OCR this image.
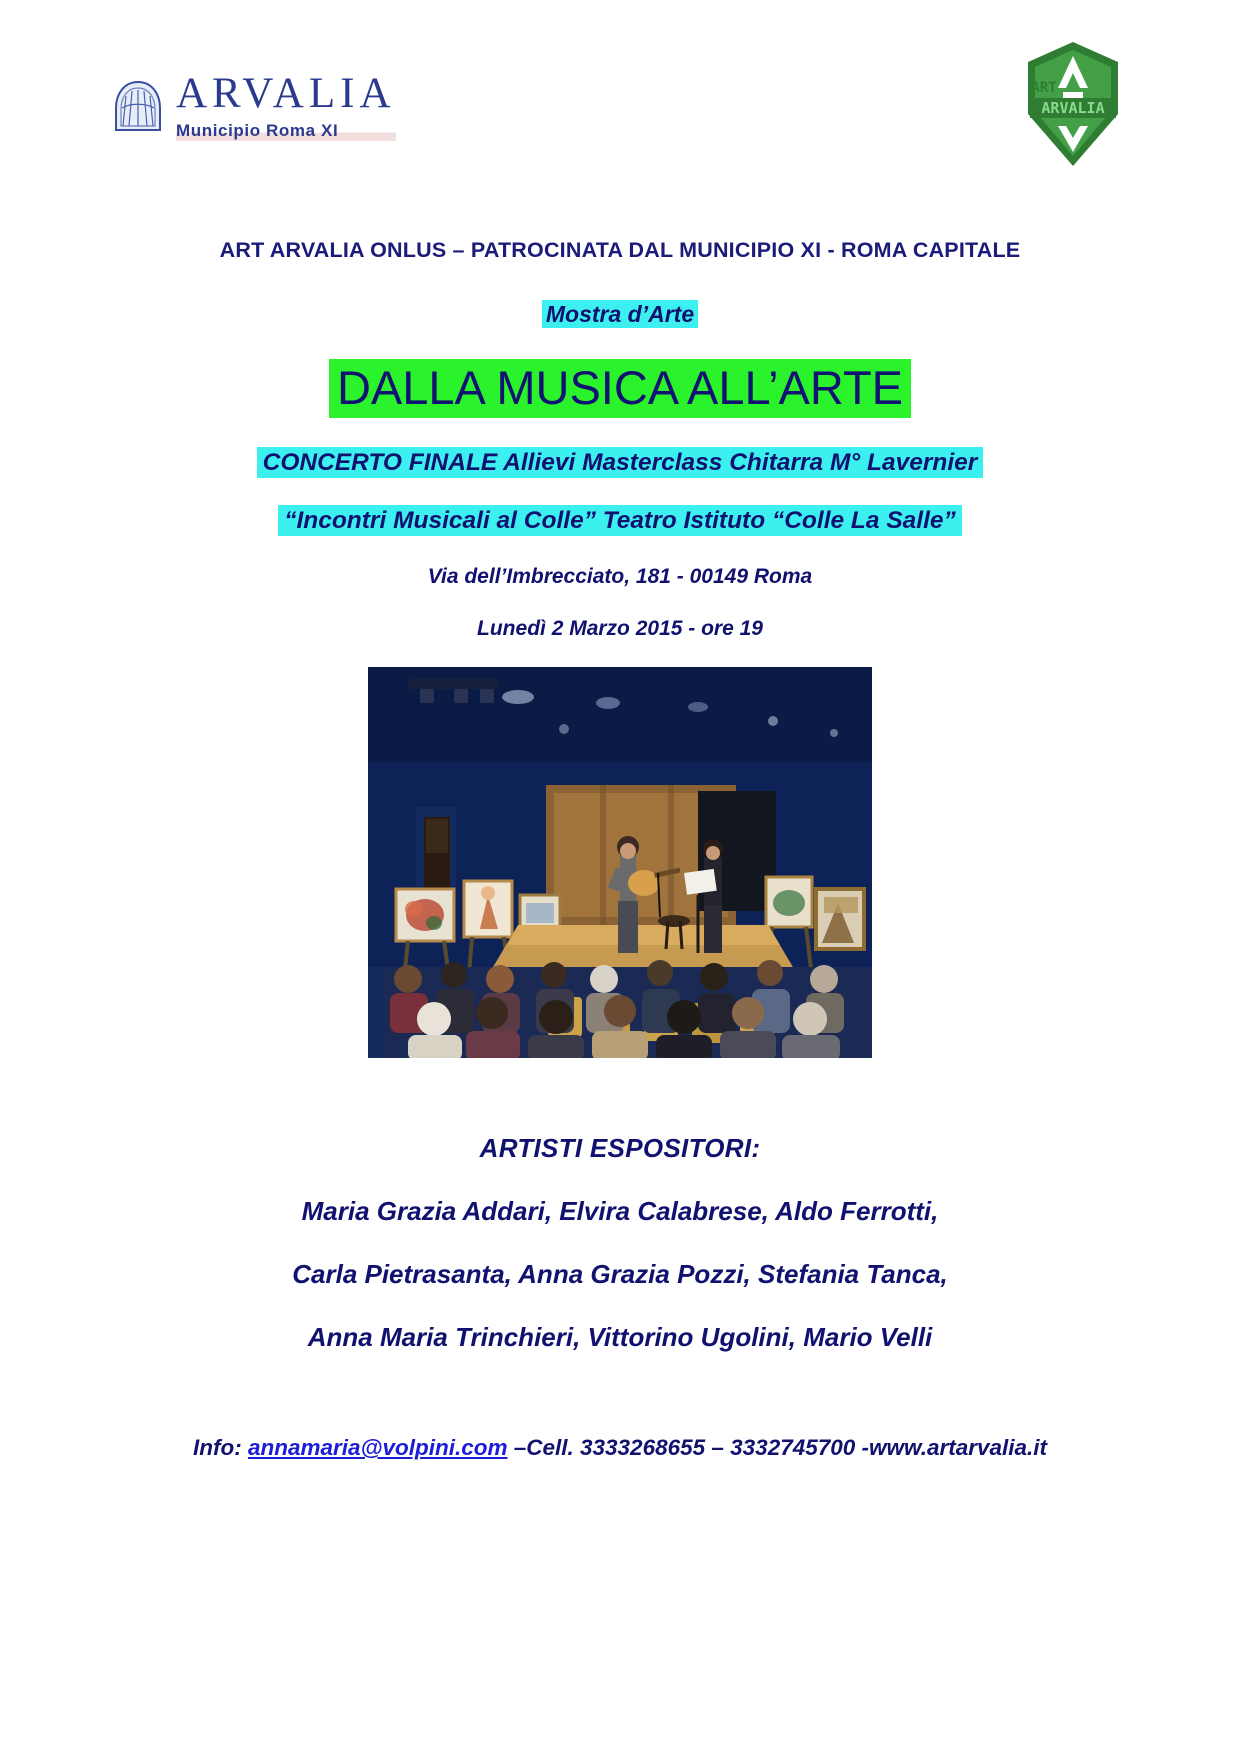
ARVALIA
Municipio Roma XI
ARVALIA
ART
ART ARVALIA ONLUS – PATROCINATA DAL MUNICIPIO XI - ROMA CAPITALE
Mostra d’Arte
DALLA MUSICA ALL’ARTE
CONCERTO FINALE Allievi Masterclass Chitarra M° Lavernier
“Incontri Musicali al Colle” Teatro Istituto “Colle La Salle”
Via dell’Imbrecciato, 181 - 00149 Roma
Lunedì 2 Marzo 2015 - ore 19
ARTISTI ESPOSITORI:
Maria Grazia Addari, Elvira Calabrese, Aldo Ferrotti,
Carla Pietrasanta, Anna Grazia Pozzi, Stefania Tanca,
Anna Maria Trinchieri, Vittorino Ugolini, Mario Velli
Info: annamaria@volpini.com –Cell. 3333268655 – 3332745700 -www.artarvalia.it
